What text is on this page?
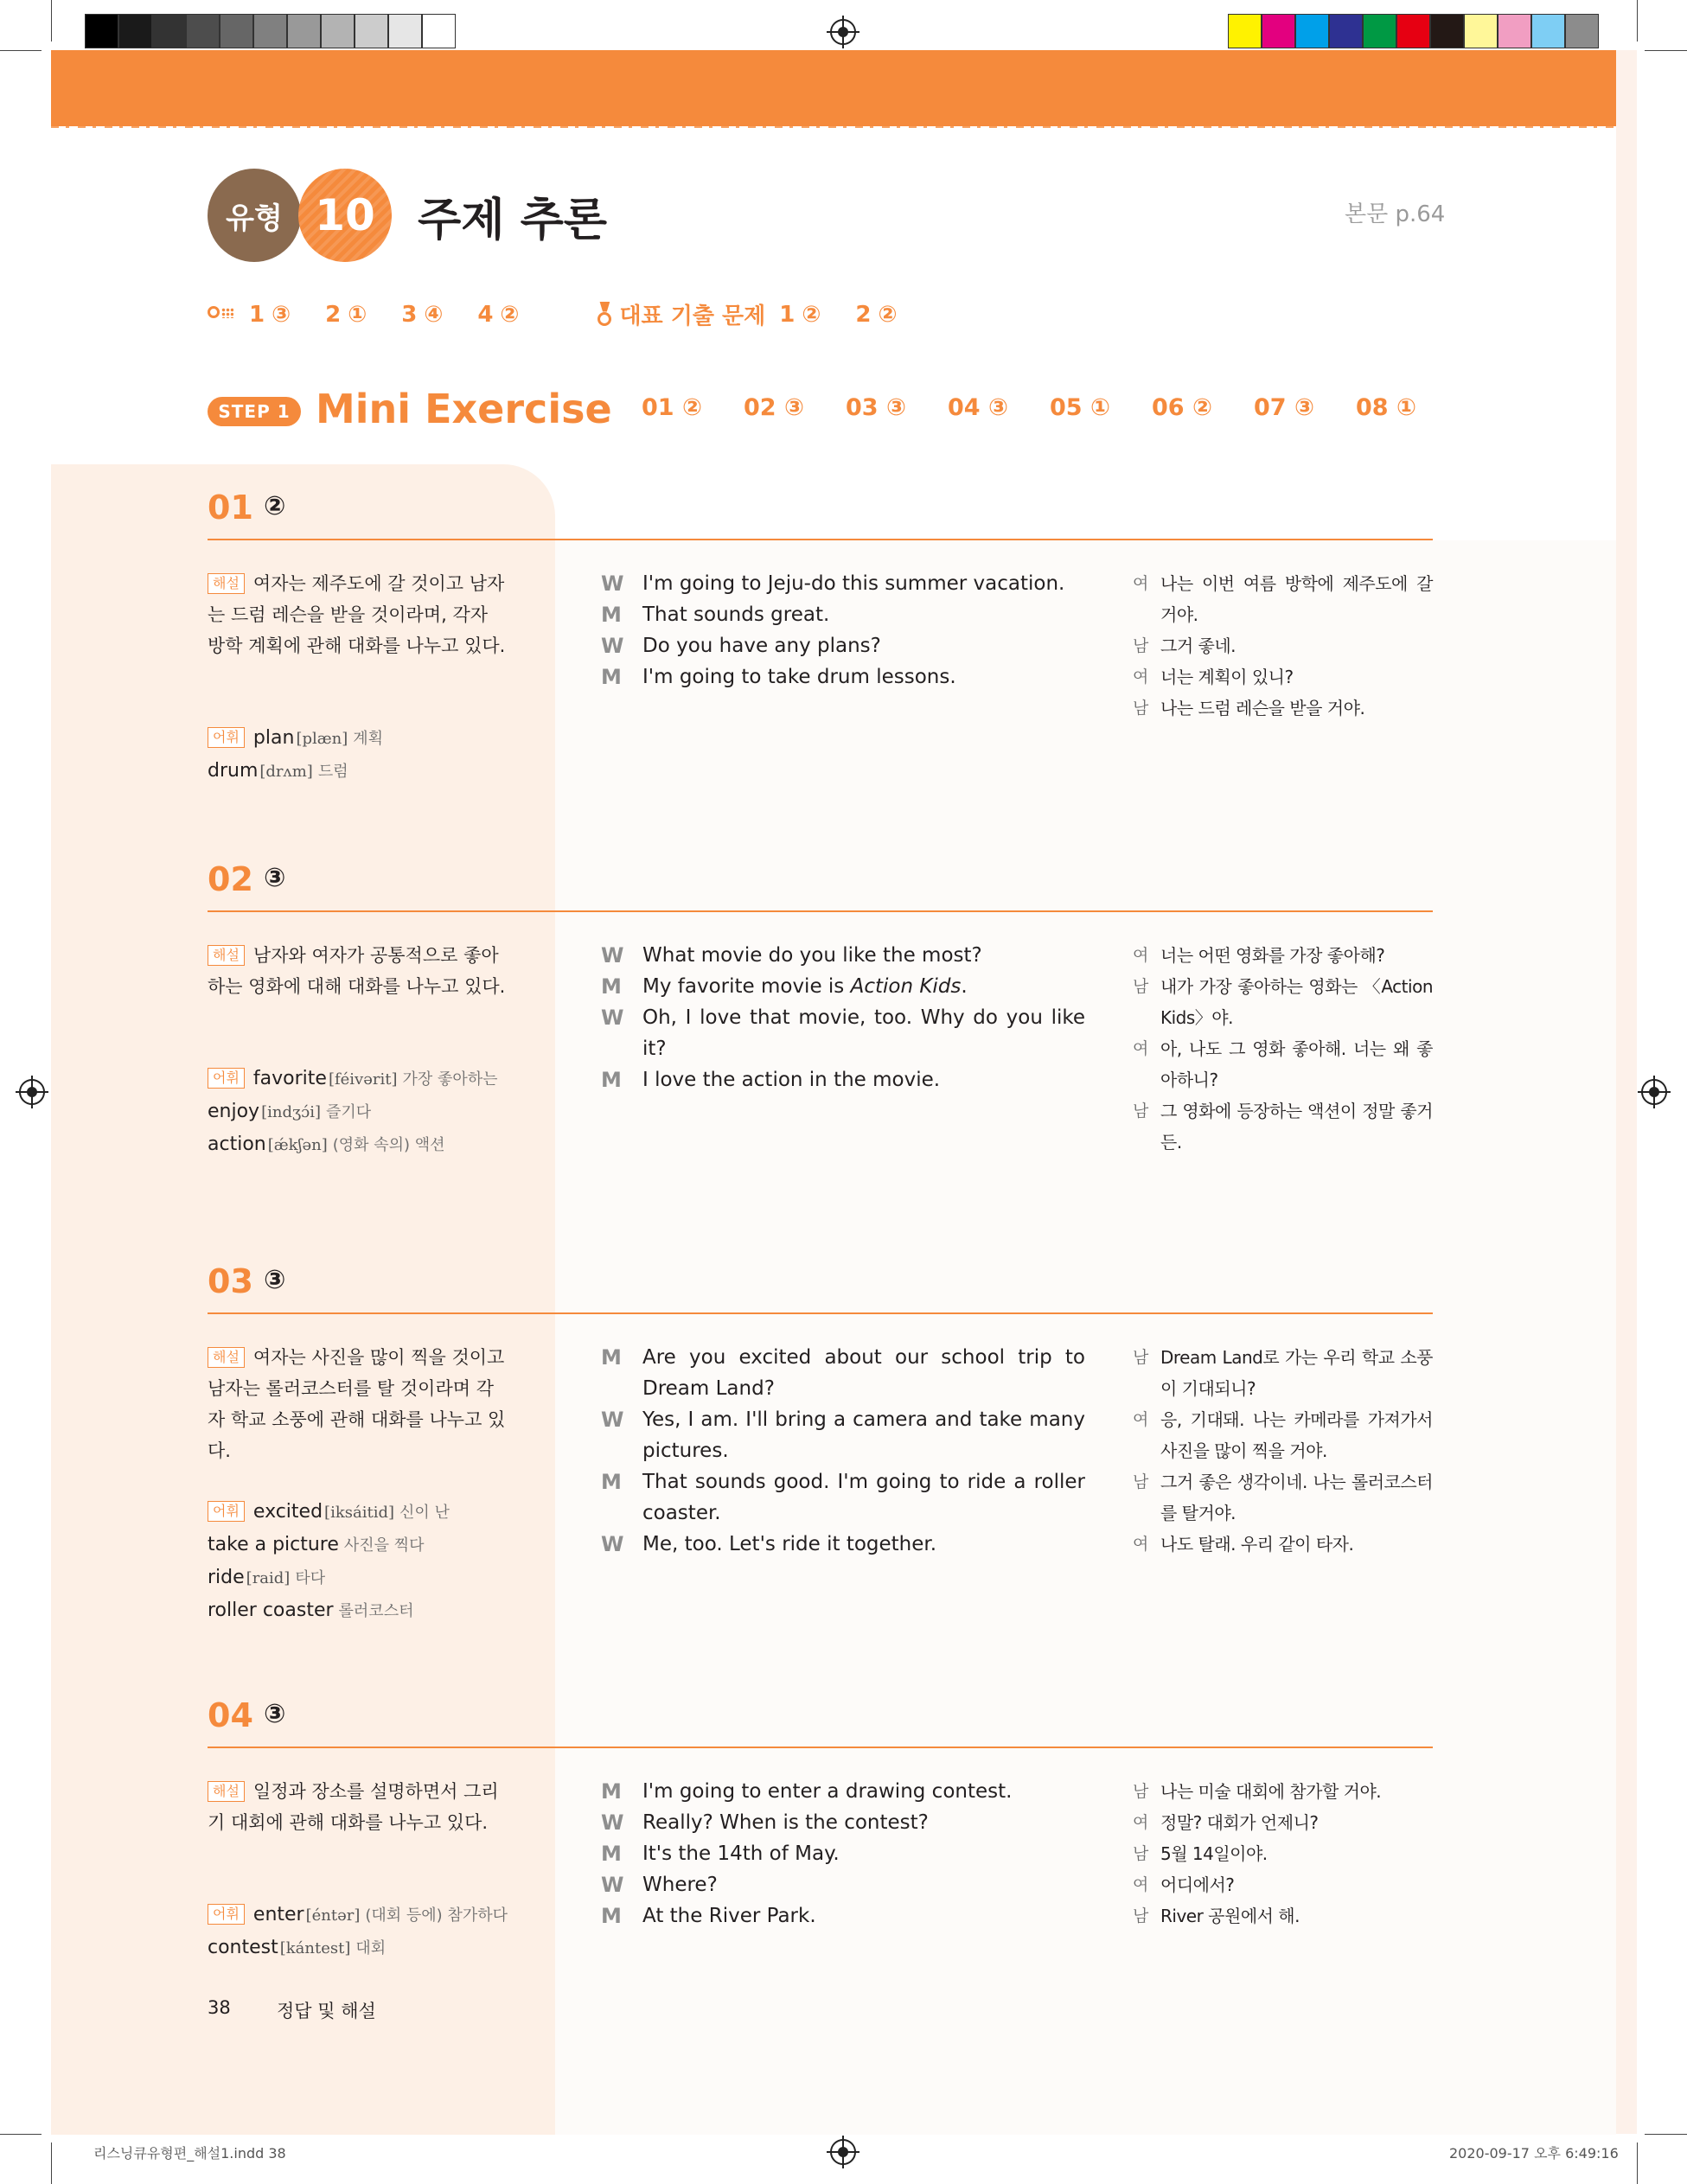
유형 10 주제 추론	본문 p.64
1 ③ 2 ① 3 ④ 4 ②	대표 기출 문제 1 ② 2 ②
STEP 1 Mini Exercise 01 ②	02 ③	03 ③	04 ③	05 ①	06 ②	07 ③	08 ①
01 ②
해설 여자는 제주도에 갈 것이고 남자는 드럼 레슨을 받을 것이라며, 각자 방학 계획에 관해 대화를 나누고 있다.
어휘 plan [plæn] 계획
drum [drʌm] 드럼
W I'm going to Jeju-do this summer vacation.
M	That sounds great.
W Do you have any plans?
M	I'm going to take drum lessons.
여 나는 이번 여름 방학에 제주도에 갈 거야.
남 그거 좋네.
여 너는 계획이 있니?
남 나는 드럼 레슨을 받을 거야.
02 ③
해설 남자와 여자가 공통적으로 좋아하는 영화에 대해 대화를 나누고 있다.
어휘 favorite [féivərit] 가장 좋아하는
enjoy [indʒɔ́i] 즐기다
action [ǽkʃən] (영화 속의) 액션
W What movie do you like the most?
M	My favorite movie is Action Kids.
W Oh, I love that movie, too. Why do you like it?
M	I love the action in the movie.
여 너는 어떤 영화를 가장 좋아해?
남 내가 가장 좋아하는 영화는 〈Action Kids〉야.
여 아, 나도 그 영화 좋아해. 너는 왜 좋아하니?
남 그 영화에 등장하는 액션이 정말 좋거든.
03 ③
해설 여자는 사진을 많이 찍을 것이고 남자는 롤러코스터를 탈 것이라며 각자 학교 소풍에 관해 대화를 나누고 있다.
어휘 excited [iksáitid] 신이 난
take a picture 사진을 찍다
ride [raid] 타다
roller coaster 롤러코스터
M	Are you excited about our school trip to Dream Land?
W Yes, I am. I'll bring a camera and take many pictures.
M	That sounds good. I'm going to ride a roller coaster.
W Me, too. Let's ride it together.
남 Dream Land로 가는 우리 학교 소풍이 기대되니?
여 응, 기대돼. 나는 카메라를 가져가서 사진을 많이 찍을 거야.
남 그거 좋은 생각이네. 나는 롤러코스터를 탈거야.
여 나도 탈래. 우리 같이 타자.
04 ③
해설 일정과 장소를 설명하면서 그리기 대회에 관해 대화를 나누고 있다.
어휘 enter [éntər] (대회 등에) 참가하다
contest [kántest] 대회
M	I'm going to enter a drawing contest.
W Really? When is the contest?
M	It's the 14th of May.
W Where?
M	At the River Park.
남 나는 미술 대회에 참가할 거야.
여 정말? 대회가 언제니?
남 5월 14일이야.
여 어디에서?
남 River 공원에서 해.
38	정답 및 해설
리스닝큐유형편_해설1.indd 38	2020-09-17 오후 6:49:16
